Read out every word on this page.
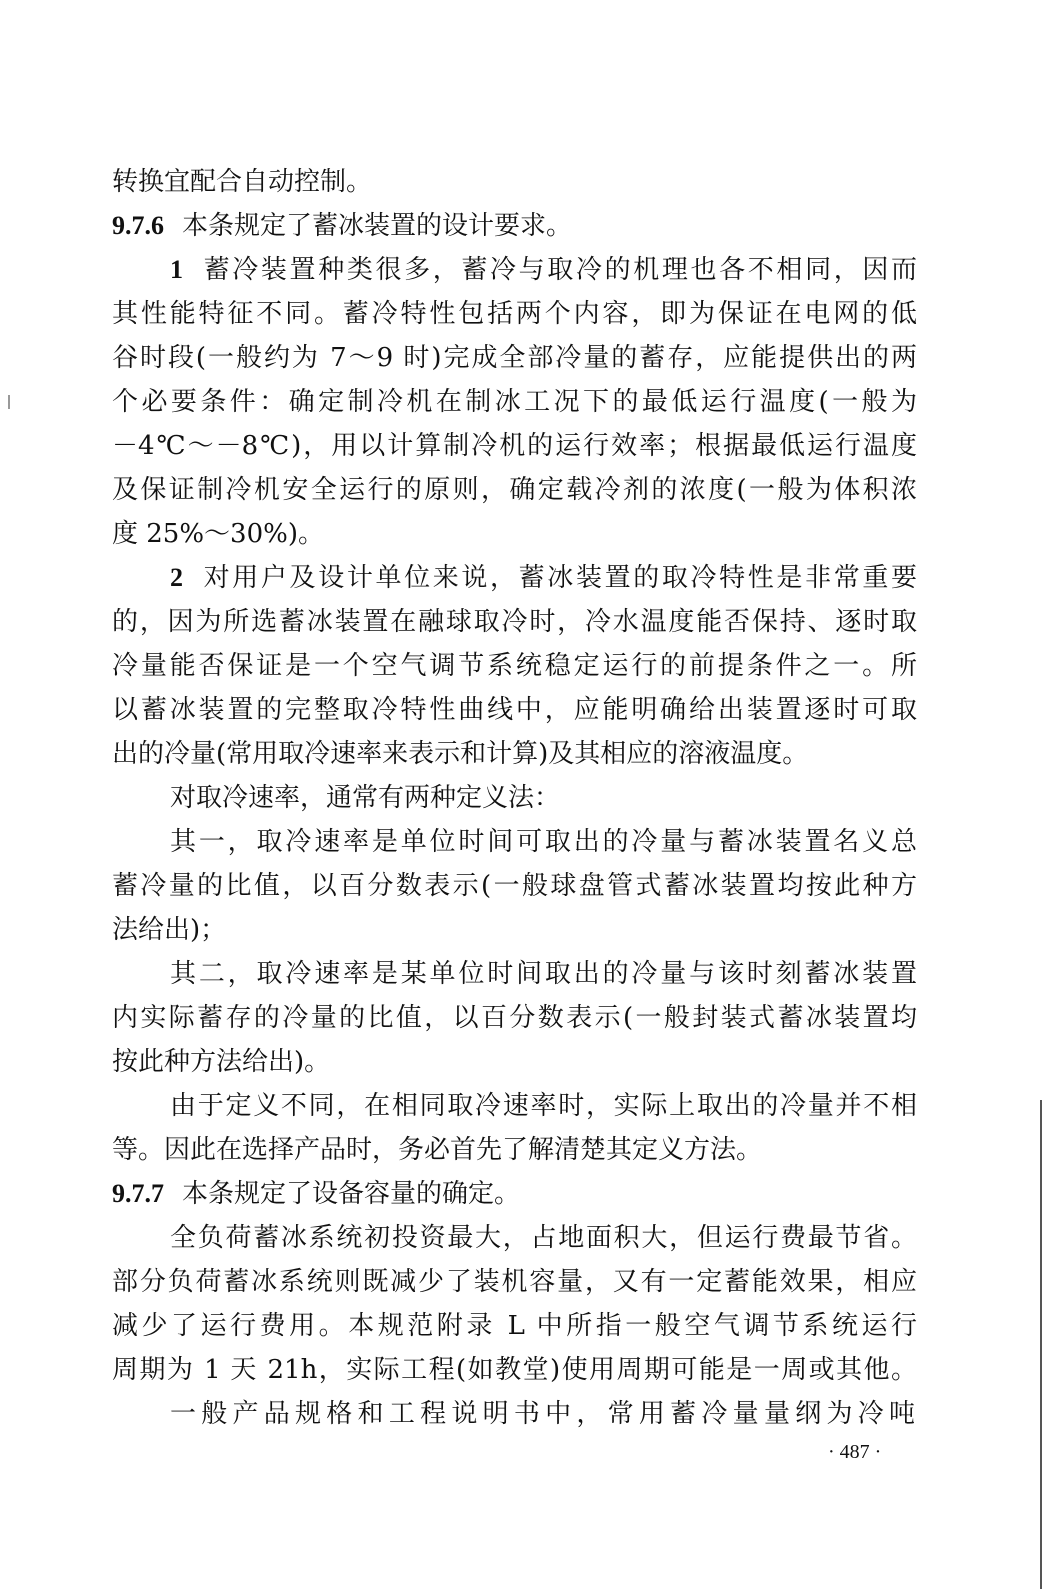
转换宜配合自动控制。
9.7.6 本条规定了蓄冰装置的设计要求。
1 蓄冷装置种类很多，蓄冷与取冷的机理也各不相同，因而
其性能特征不同。蓄冷特性包括两个内容，即为保证在电网的低
谷时段(一般约为 7～9 时)完成全部冷量的蓄存，应能提供出的两
个必要条件：确定制冷机在制冰工况下的最低运行温度(一般为
－4℃～－8℃)，用以计算制冷机的运行效率；根据最低运行温度
及保证制冷机安全运行的原则，确定载冷剂的浓度(一般为体积浓
度 25%～30%)。
2 对用户及设计单位来说，蓄冰装置的取冷特性是非常重要
的，因为所选蓄冰装置在融球取冷时，冷水温度能否保持、逐时取
冷量能否保证是一个空气调节系统稳定运行的前提条件之一。所
以蓄冰装置的完整取冷特性曲线中，应能明确给出装置逐时可取
出的冷量(常用取冷速率来表示和计算)及其相应的溶液温度。
对取冷速率，通常有两种定义法：
其一，取冷速率是单位时间可取出的冷量与蓄冰装置名义总
蓄冷量的比值，以百分数表示(一般球盘管式蓄冰装置均按此种方
法给出)；
其二，取冷速率是某单位时间取出的冷量与该时刻蓄冰装置
内实际蓄存的冷量的比值，以百分数表示(一般封装式蓄冰装置均
按此种方法给出)。
由于定义不同，在相同取冷速率时，实际上取出的冷量并不相
等。因此在选择产品时，务必首先了解清楚其定义方法。
9.7.7 本条规定了设备容量的确定。
全负荷蓄冰系统初投资最大，占地面积大，但运行费最节省。
部分负荷蓄冰系统则既减少了装机容量，又有一定蓄能效果，相应
减少了运行费用。本规范附录 L 中所指一般空气调节系统运行
周期为 1 天 21h，实际工程(如教堂)使用周期可能是一周或其他。
一般产品规格和工程说明书中，常用蓄冷量量纲为冷吨
· 487 ·
